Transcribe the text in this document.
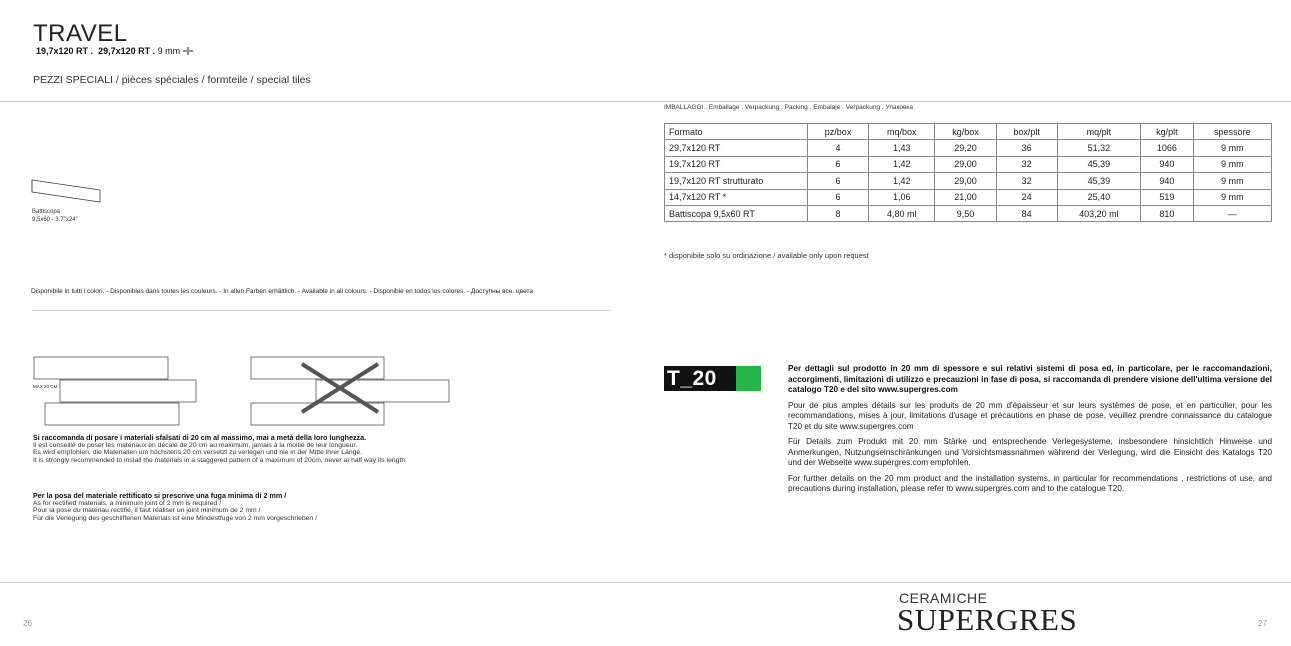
TRAVEL
19,7x120 RT . 29,7x120 RT . 9 mm
PEZZI SPECIALI / pièces spéciales / formteile / special tiles
Battiscopa
9,5x60 - 3.7"x24"
Disponibile in tutti i colori. - Disponibles dans toutes les couleurs. - In allen Farben erhältlich. - Available in all colours. - Disponible en todos los colores. - Доступны все. цвета
MAX 20 CM
Si raccomanda di posare i materiali sfalsati di 20 cm al massimo, mai a metà della loro lunghezza.
Il est conseillé de poser les matériaux en décalé de 20 cm au maximum, jamais à la moitié de leur longueur.
Es wird empfohlen, die Materialien um höchstens 20 cm versetzt zu verlegen und nie in der Mitte ihrer Länge.
It is strongly recommended to install the materials in a staggered pattern of a maximum of 20cm, never at half way its length.
Per la posa del materiale rettificato si prescrive una fuga minima di 2 mm /
As for rectified materials, a minimum joint of 2 mm is required /
Pour la pose du matériau rectifié, il faut réaliser un joint minimum de 2 mm /
Für die Verlegung des geschliffenen Materials ist eine Mindestfuge von 2 mm vorgeschrieben /
IMBALLAGGI . Emballage . Verpackung . Packing . Embalaje . Verpackung . Упаковка
Formato	pz/box	mq/box	kg/box	box/plt	mq/plt	kg/plt	spessore
29,7x120 RT	4	1,43	29,20	36	51,32	1066	9 mm
19,7x120 RT	6	1,42	29,00	32	45,39	940	9 mm
19,7x120 RT strutturato	6	1,42	29,00	32	45,39	940	9 mm
14,7x120 RT *	6	1,06	21,00	24	25,40	519	9 mm
Battiscopa 9,5x60 RT	8	4,80 ml	9,50	84	403,20 ml	810	—
* disponibile solo su ordinazione / available only upon request
T_20	Per dettagli sul prodotto in 20 mm di spessore e sui relativi sistemi di posa ed, in particolare, per le raccomandazioni, accorgimenti, limitazioni di utilizzo e precauzioni in fase di posa, si raccomanda di prendere visione dell'ultima versione del catalogo T20 e del sito www.supergres.com

Pour de plus amples détails sur les produits de 20 mm d'épaisseur et sur leurs systèmes de pose, et en particulier, pour les recommandations, mises à jour, limitations d'usage et précautions en phase de pose, veuillez prendre connaissance du catalogue T20 et du site www.supergres.com

Für Details zum Produkt mit 20 mm Stärke und entsprechende Verlegesysteme, insbesondere hinsichtlich Hinweise und Anmerkungen, Nutzungseinschränkungen und Vorsichtsmassnahmen während der Verlegung, wird die Einsicht des Katalogs T20 und der Webseite www.supergres.com empfohlen.

For further details on the 20 mm product and the installation systems, in particular for recommendations , restrictions of use, and precautions during installation, please refer to www.supergres.com and to the catalogue T20.

26	27
CERAMICHE
SUPERGRES
